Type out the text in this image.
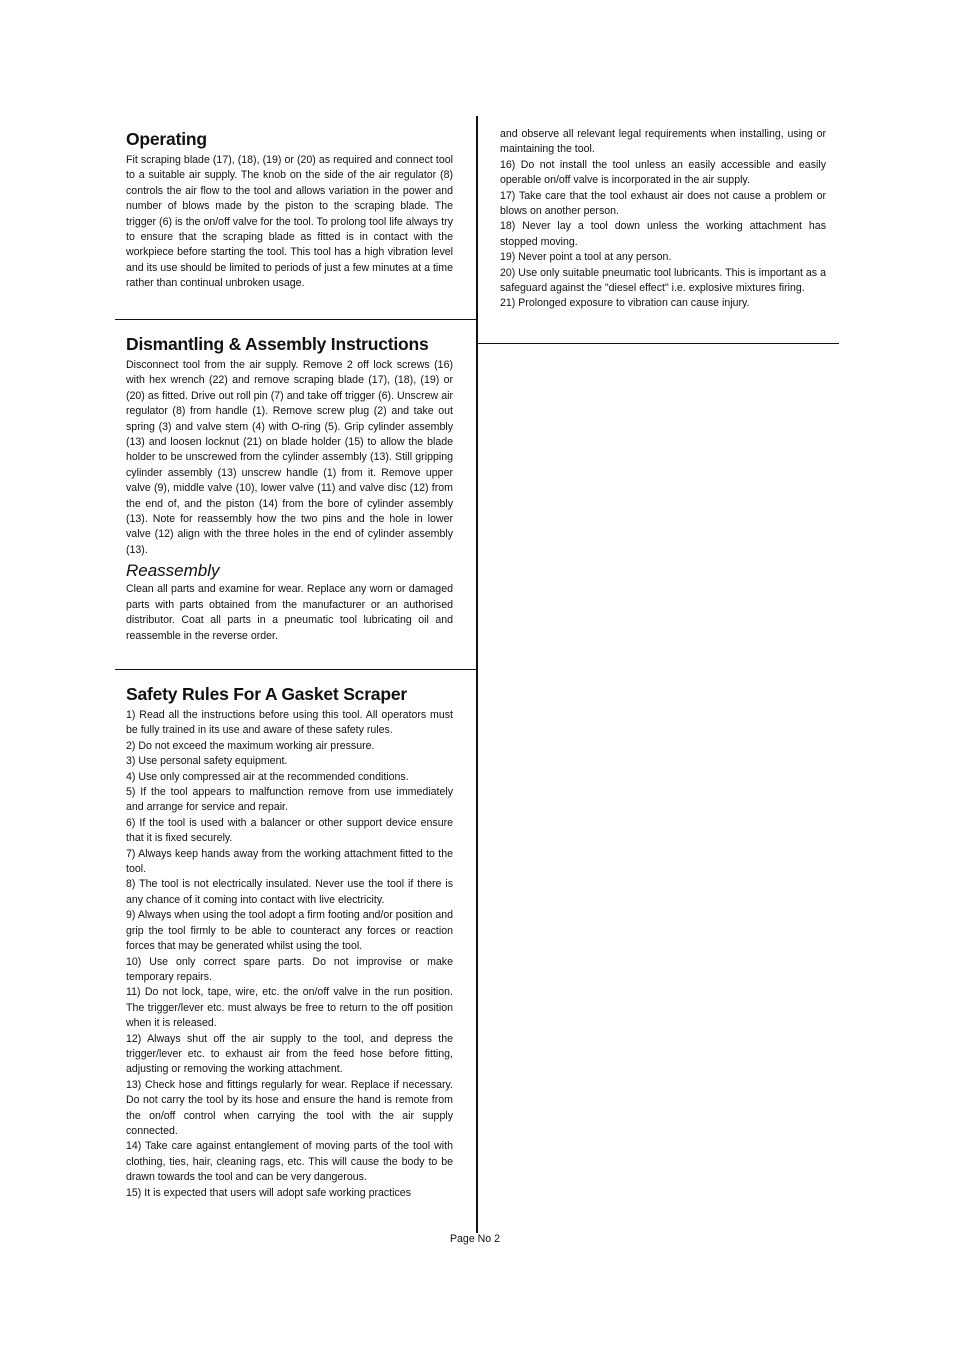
Operating

Fit scraping blade (17), (18), (19) or (20) as required and connect tool to a suitable air supply. The knob on the side of the air regulator (8) controls the air flow to the tool and allows variation in the power and number of blows made by the piston to the scraping blade. The trigger (6) is the on/off valve for the tool. To prolong tool life always try to ensure that the scraping blade as fitted is in contact with the workpiece before starting the tool. This tool has a high vibration level and its use should be limited to periods of just a few minutes at a time rather than continual unbroken usage.

Dismantling & Assembly Instructions

Disconnect tool from the air supply. Remove 2 off lock screws (16) with hex wrench (22) and remove scraping blade (17), (18), (19) or (20) as fitted. Drive out roll pin (7) and take off trigger (6). Unscrew air regulator (8) from handle (1). Remove screw plug (2) and take out spring (3) and valve stem (4) with O-ring (5). Grip cylinder assembly (13) and loosen locknut (21) on blade holder (15) to allow the blade holder to be unscrewed from the cylinder assembly (13). Still gripping cylinder assembly (13) unscrew handle (1) from it. Remove upper valve (9), middle valve (10), lower valve (11) and valve disc (12) from the end of, and the piston (14) from the bore of cylinder assembly (13). Note for reassembly how the two pins and the hole in lower valve (12) align with the three holes in the end of cylinder assembly (13).

Reassembly

Clean all parts and examine for wear. Replace any worn or damaged parts with parts obtained from the manufacturer or an authorised distributor. Coat all parts in a pneumatic tool lubricating oil and reassemble in the reverse order.

Safety Rules For A Gasket Scraper

1) Read all the instructions before using this tool. All operators must be fully trained in its use and aware of these safety rules.

2) Do not exceed the maximum working air pressure.

3) Use personal safety equipment.

4) Use only compressed air at the recommended conditions.

5) If the tool appears to malfunction remove from use immediately and arrange for service and repair.

6) If the tool is used with a balancer or other support device ensure that it is fixed securely.

7) Always keep hands away from the working attachment fitted to the tool.

8) The tool is not electrically insulated. Never use the tool if there is any chance of it coming into contact with live electricity.

9) Always when using the tool adopt a firm footing and/or position and grip the tool firmly to be able to counteract any forces or reaction forces that may be generated whilst using the tool.

10) Use only correct spare parts. Do not improvise or make temporary repairs.

11) Do not lock, tape, wire, etc. the on/off valve in the run position. The trigger/lever etc. must always be free to return to the off position when it is released.

12) Always shut off the air supply to the tool, and depress the trigger/lever etc. to exhaust air from the feed hose before fitting, adjusting or removing the working attachment.

13) Check hose and fittings regularly for wear. Replace if necessary. Do not carry the tool by its hose and ensure the hand is remote from the on/off control when carrying the tool with the air supply connected.

14) Take care against entanglement of moving parts of the tool with clothing, ties, hair, cleaning rags, etc. This will cause the body to be drawn towards the tool and can be very dangerous.

15) It is expected that users will adopt safe working practices

and observe all relevant legal requirements when installing, using or maintaining the tool.

16) Do not install the tool unless an easily accessible and easily operable on/off valve is incorporated in the air supply.

17) Take care that the tool exhaust air does not cause a problem or blows on another person.

18) Never lay a tool down unless the working attachment has stopped moving.

19) Never point a tool at any person.

20) Use only suitable pneumatic tool lubricants. This is important as a safeguard against the "diesel effect" i.e. explosive mixtures firing.

21) Prolonged exposure to vibration can cause injury.

Page No 2
